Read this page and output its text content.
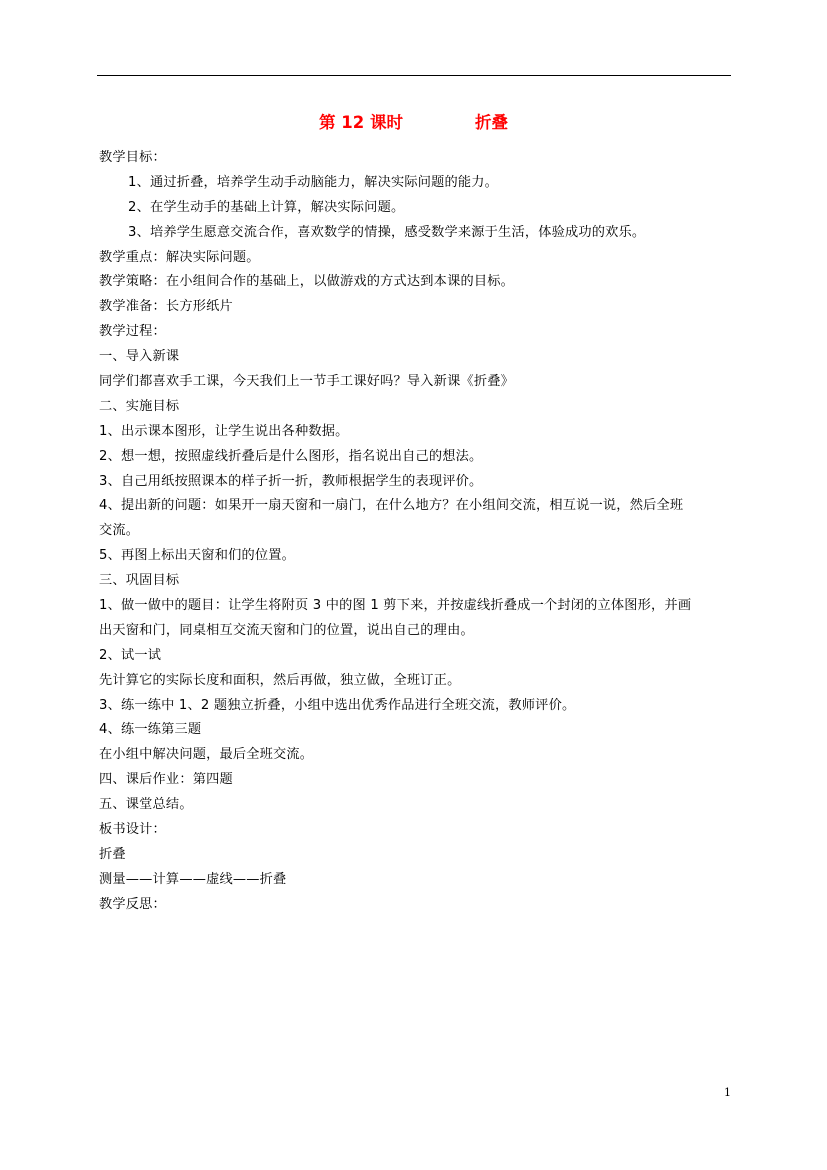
第 12 课时	折叠
教学目标：
1、通过折叠，培养学生动手动脑能力，解决实际问题的能力。
2、在学生动手的基础上计算，解决实际问题。
3、培养学生愿意交流合作，喜欢数学的情操，感受数学来源于生活，体验成功的欢乐。
教学重点：解决实际问题。
教学策略：在小组间合作的基础上，以做游戏的方式达到本课的目标。
教学准备：长方形纸片
教学过程：
一、导入新课
同学们都喜欢手工课，今天我们上一节手工课好吗？导入新课《折叠》
二、实施目标
1、出示课本图形，让学生说出各种数据。
2、想一想，按照虚线折叠后是什么图形，指名说出自己的想法。
3、自己用纸按照课本的样子折一折，教师根据学生的表现评价。
4、提出新的问题：如果开一扇天窗和一扇门，在什么地方？在小组间交流，相互说一说，然后全班
交流。
5、再图上标出天窗和们的位置。
三、巩固目标
1、做一做中的题目：让学生将附页 3 中的图 1 剪下来，并按虚线折叠成一个封闭的立体图形，并画
出天窗和门，同桌相互交流天窗和门的位置，说出自己的理由。
2、试一试
先计算它的实际长度和面积，然后再做，独立做，全班订正。
3、练一练中 1、2 题独立折叠，小组中选出优秀作品进行全班交流，教师评价。
4、练一练第三题
在小组中解决问题，最后全班交流。
四、课后作业：第四题
五、课堂总结。
板书设计：
折叠
测量——计算——虚线——折叠
教学反思：
1
